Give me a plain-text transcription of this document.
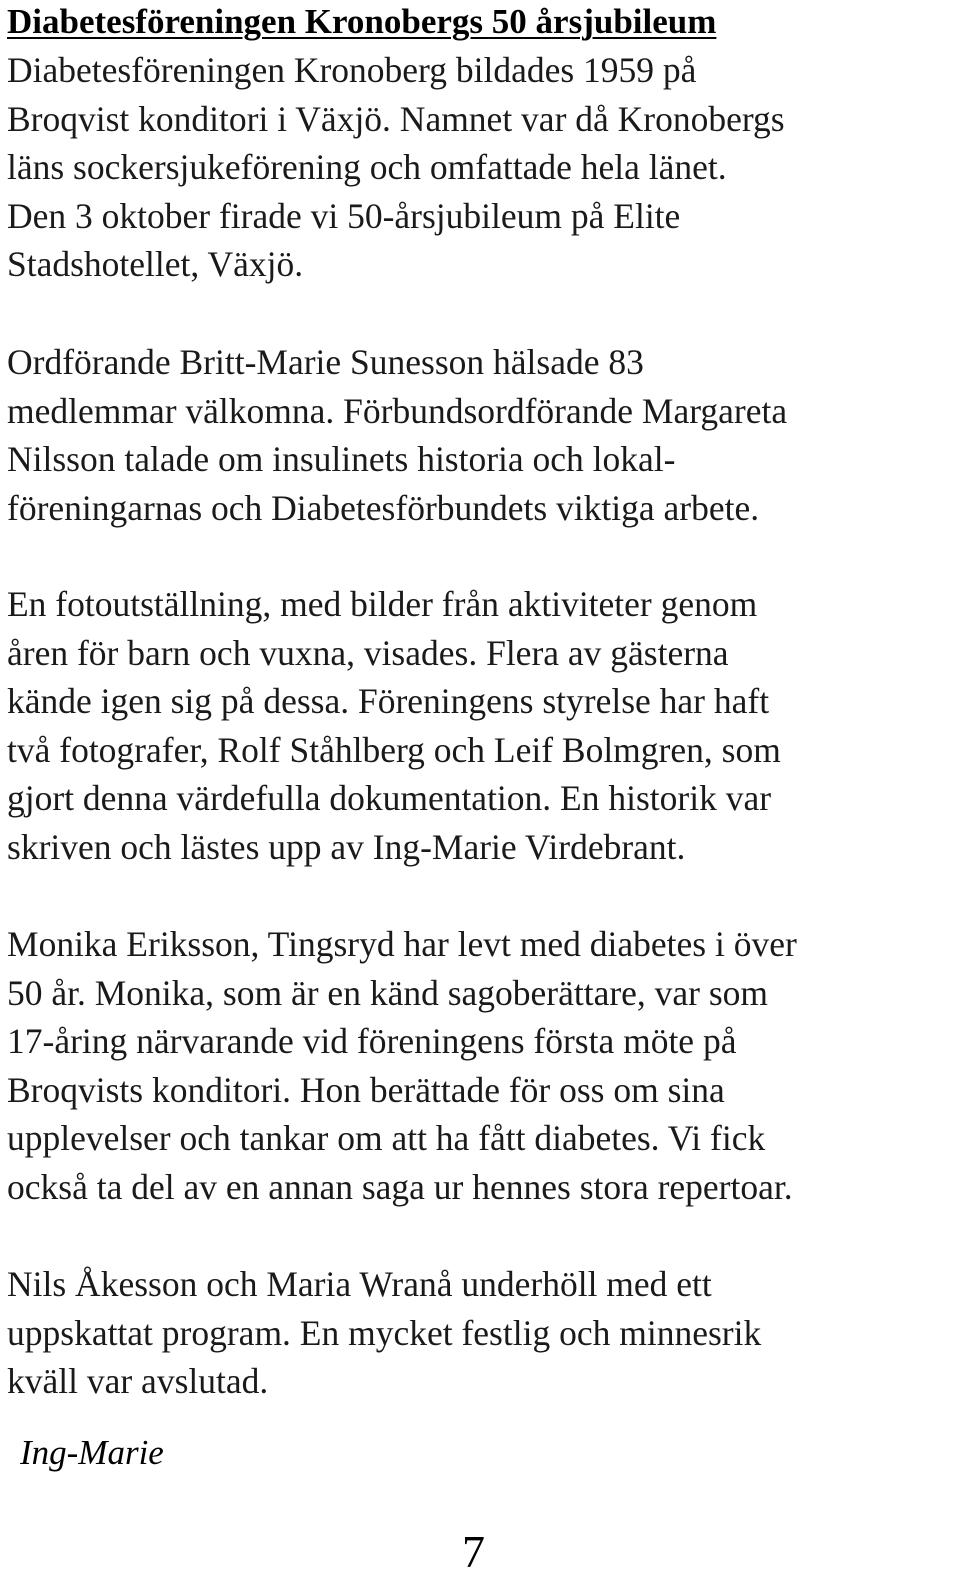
Diabetesföreningen Kronobergs 50 årsjubileum

Diabetesföreningen Kronoberg bildades 1959 på
Broqvist konditori i Växjö. Namnet var då Kronobergs
läns sockersjukeförening och omfattade hela länet.
Den 3 oktober firade vi 50-årsjubileum på Elite
Stadshotellet, Växjö.

Ordförande Britt-Marie Sunesson hälsade 83
medlemmar välkomna. Förbundsordförande Margareta
Nilsson talade om insulinets historia och lokal-
föreningarnas och Diabetesförbundets viktiga arbete.

En fotoutställning, med bilder från aktiviteter genom
åren för barn och vuxna, visades. Flera av gästerna
kände igen sig på dessa. Föreningens styrelse har haft
två fotografer, Rolf Ståhlberg och Leif Bolmgren, som
gjort denna värdefulla dokumentation. En historik var
skriven och lästes upp av Ing-Marie Virdebrant.

Monika Eriksson, Tingsryd har levt med diabetes i över
50 år. Monika, som är en känd sagoberättare, var som
17-åring närvarande vid föreningens första möte på
Broqvists konditori. Hon berättade för oss om sina
upplevelser och tankar om att ha fått diabetes. Vi fick
också ta del av en annan saga ur hennes stora repertoar.

Nils Åkesson och Maria Wranå underhöll med ett
uppskattat program. En mycket festlig och minnesrik
kväll var avslutad.

Ing-Marie

7
